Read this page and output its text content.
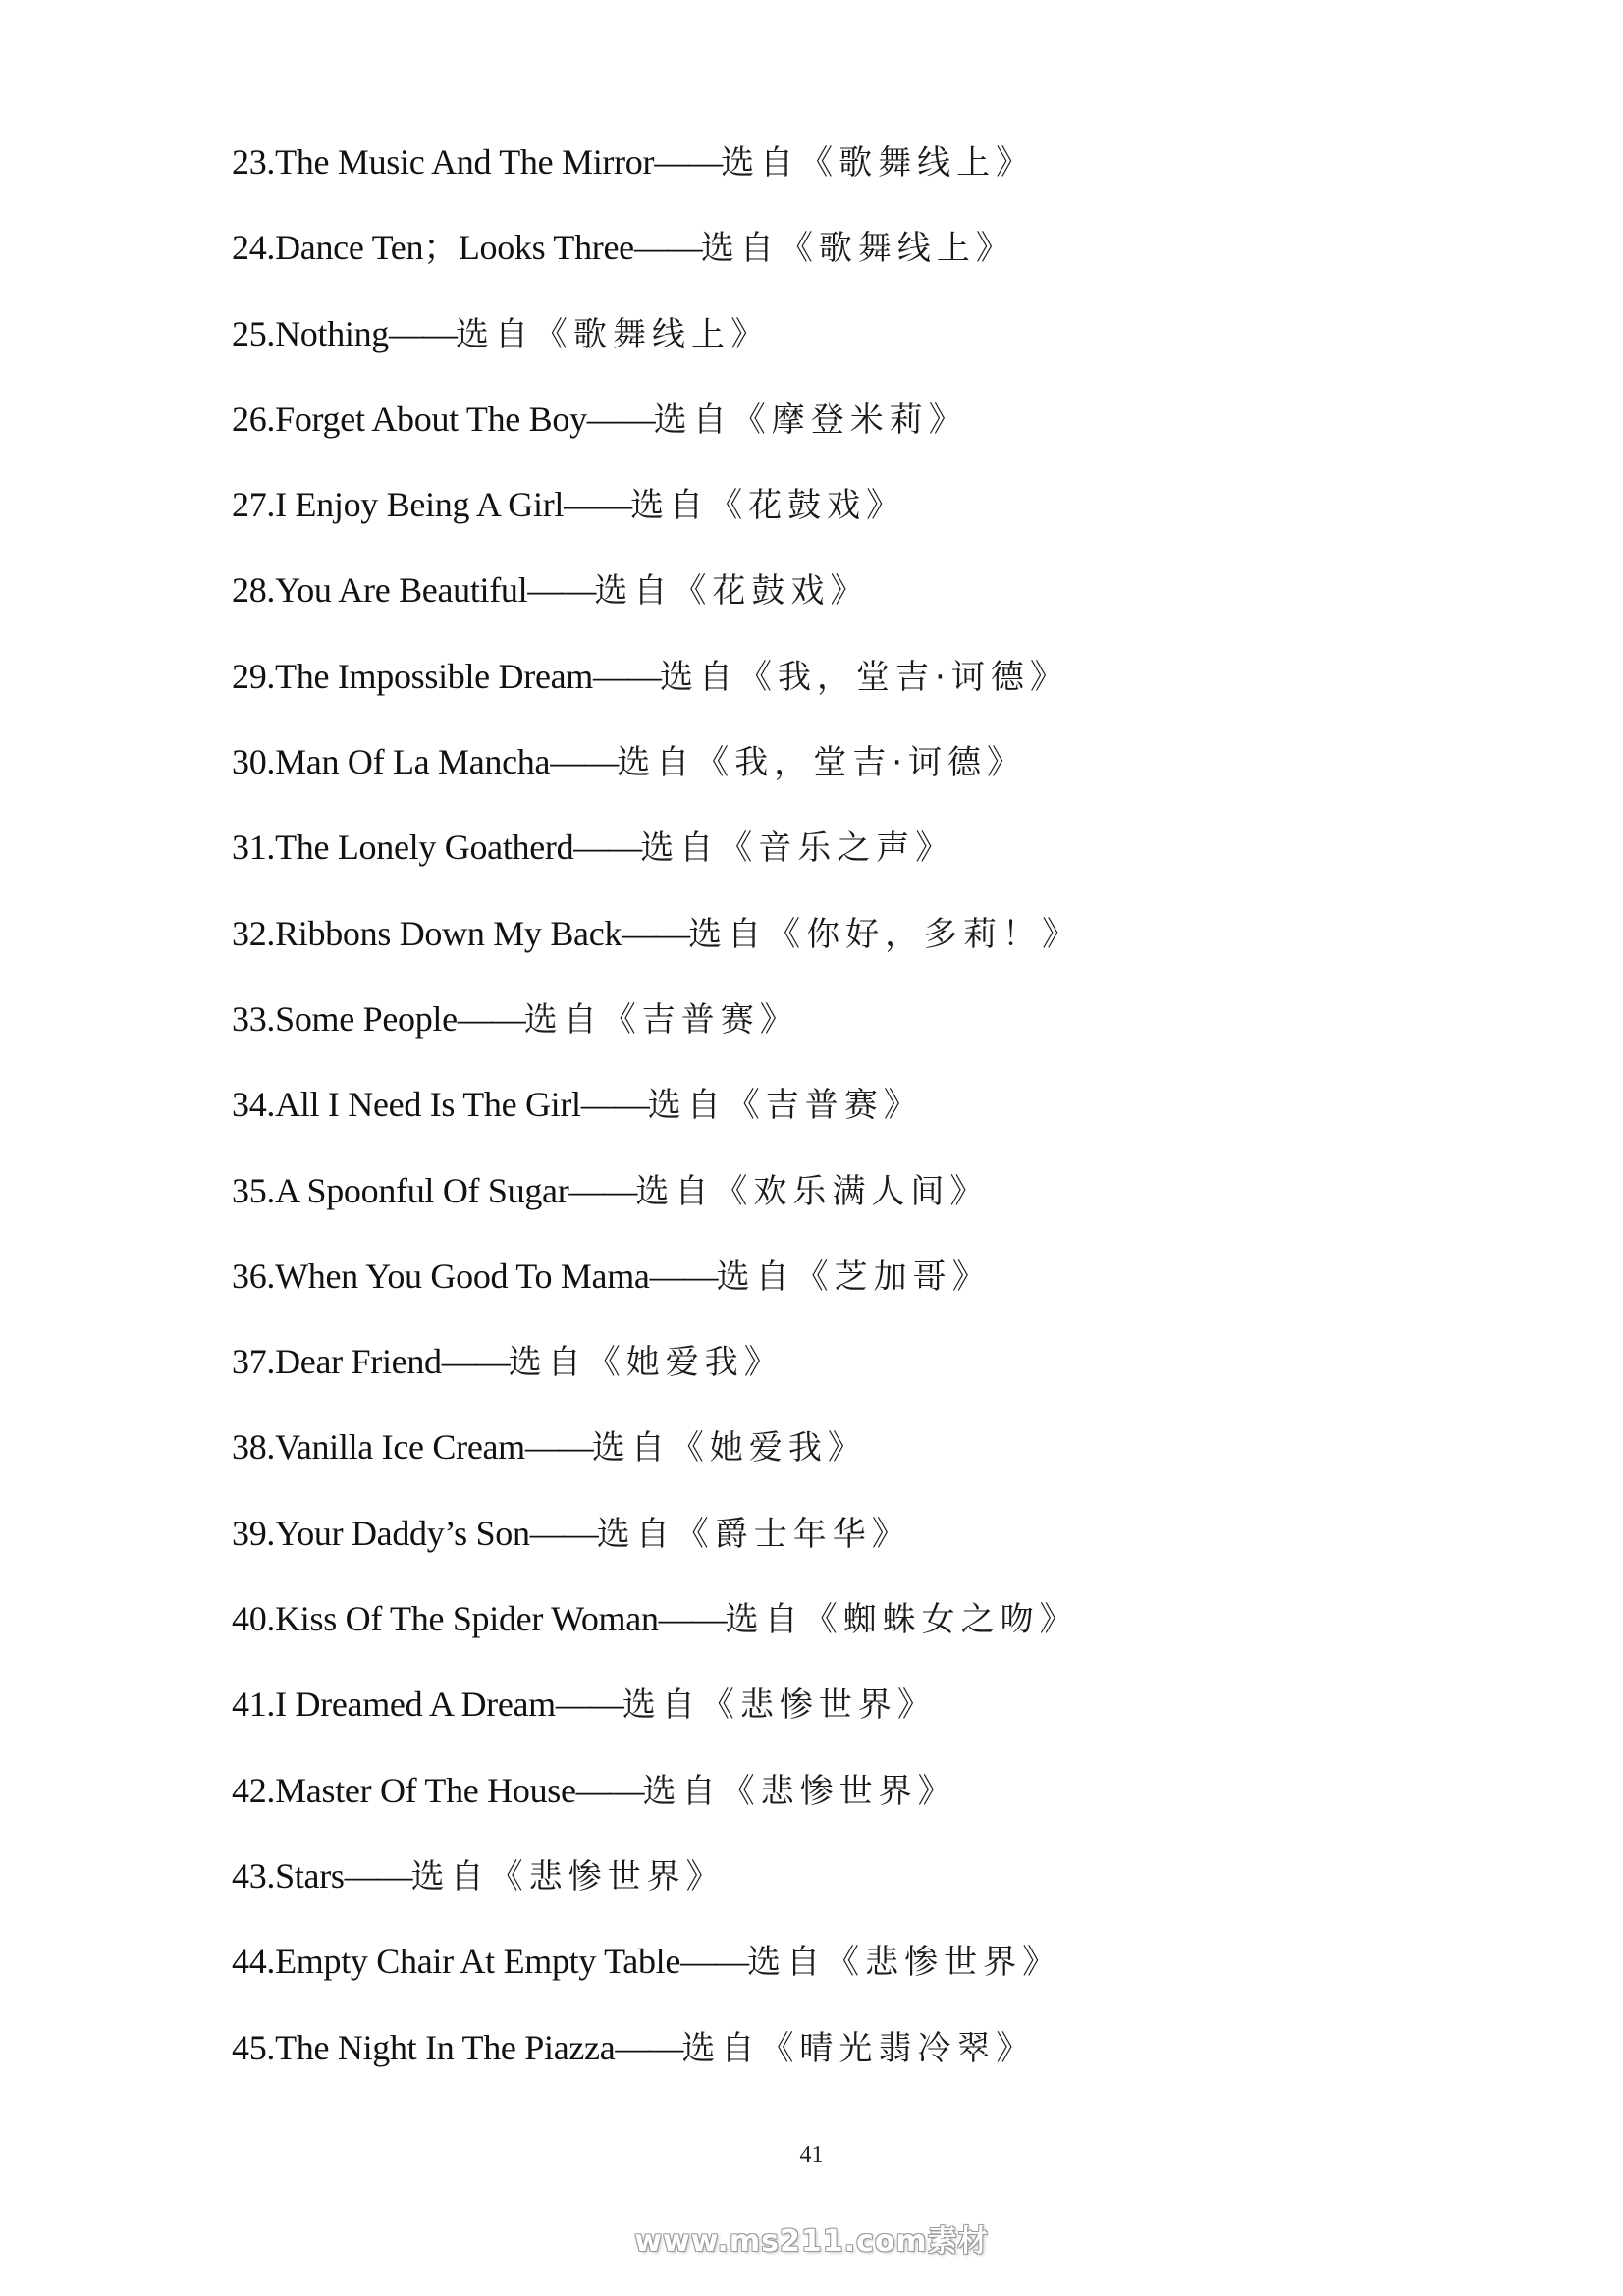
23.The Music And The Mirror——选自《歌舞线上》
24.Dance Ten；Looks Three——选自《歌舞线上》
25.Nothing——选自《歌舞线上》
26.Forget About The Boy——选自《摩登米莉》
27.I Enjoy Being A Girl——选自《花鼓戏》
28.You Are Beautiful——选自《花鼓戏》
29.The Impossible Dream——选自《我，堂吉·诃德》
30.Man Of La Mancha——选自《我，堂吉·诃德》
31.The Lonely Goatherd——选自《音乐之声》
32.Ribbons Down My Back——选自《你好，多莉！》
33.Some People——选自《吉普赛》
34.All I Need Is The Girl——选自《吉普赛》
35.A Spoonful Of Sugar——选自《欢乐满人间》
36.When You Good To Mama——选自《芝加哥》
37.Dear Friend——选自《她爱我》
38.Vanilla Ice Cream——选自《她爱我》
39.Your Daddy’s Son——选自《爵士年华》
40.Kiss Of The Spider Woman——选自《蜘蛛女之吻》
41.I Dreamed A Dream——选自《悲惨世界》
42.Master Of The House——选自《悲惨世界》
43.Stars——选自《悲惨世界》
44.Empty Chair At Empty Table——选自《悲惨世界》
45.The Night In The Piazza——选自《晴光翡冷翠》
41
www.ms211.com素材
